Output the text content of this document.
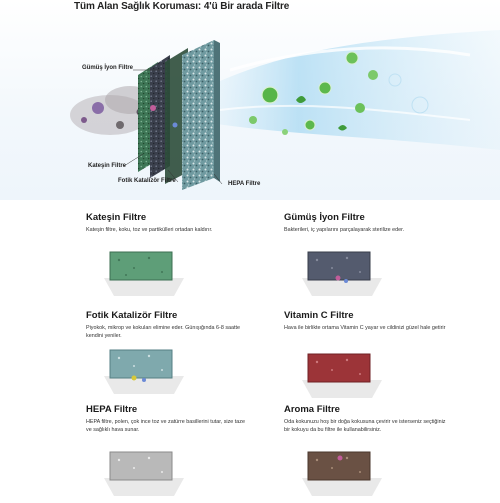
Tüm Alan Sağlık Koruması: 4'ü Bir arada Filtre
Gümüş İyon Filtre
Kateşin Filtre
Fotik Katalizör Filtre	HEPA Filtre
Kateşin Filtre

Kateşin filtre, koku, toz ve partikülleri ortadan kaldırır.

Gümüş İyon Filtre

Bakterileri, iç yapılarını parçalayarak sterilize eder.

Fotik Katalizör Filtre

Piyokok, mikrop ve kokuları elimine eder. Günışığında 6-8 saatte kendini yeniler.

Vitamin C Filtre

Hava ile birlikte ortama Vitamin C yayar ve cildinizi güzel hale getirir

HEPA Filtre

HEPA filtre, polen, çok ince toz ve zatürre basillerini tutar, size taze ve sağlıklı hava sunar.

Aroma Filtre

Oda kokunuzu hoş bir doğa kokusuna çevirir ve isterseniz seçtiğiniz bir kokuyu da bu filtre ile kullanabilirsiniz.
